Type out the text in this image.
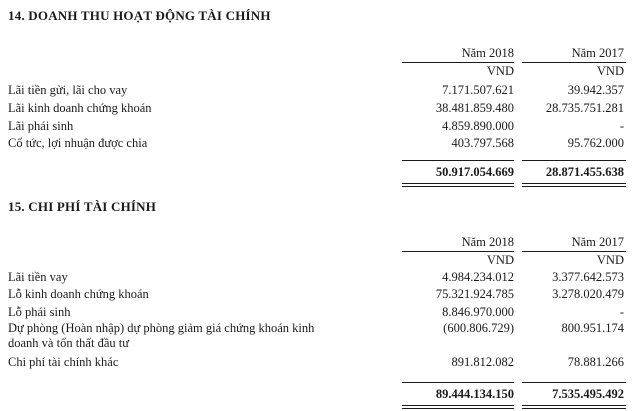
14. DOANH THU HOẠT ĐỘNG TÀI CHÍNH
Năm 2018	Năm 2017
VND	VND
Lãi tiền gửi, lãi cho vay	7.171.507.621	39.942.357
Lãi kinh doanh chứng khoán	38.481.859.480	28.735.751.281
Lãi phái sinh	4.859.890.000	-
Cổ tức, lợi nhuận được chia	403.797.568	95.762.000
50.917.054.669	28.871.455.638
15. CHI PHÍ TÀI CHÍNH
Năm 2018	Năm 2017
VND	VND
Lãi tiền vay	4.984.234.012	3.377.642.573
Lỗ kinh doanh chứng khoán	75.321.924.785	3.278.020.479
Lỗ phái sinh	8.846.970.000	-
Dự phòng (Hoàn nhập) dự phòng giảm giá chứng khoán kinh	(600.806.729)	800.951.174
doanh và tổn thất đầu tư
Chi phí tài chính khác	891.812.082	78.881.266
89.444.134.150	7.535.495.492
